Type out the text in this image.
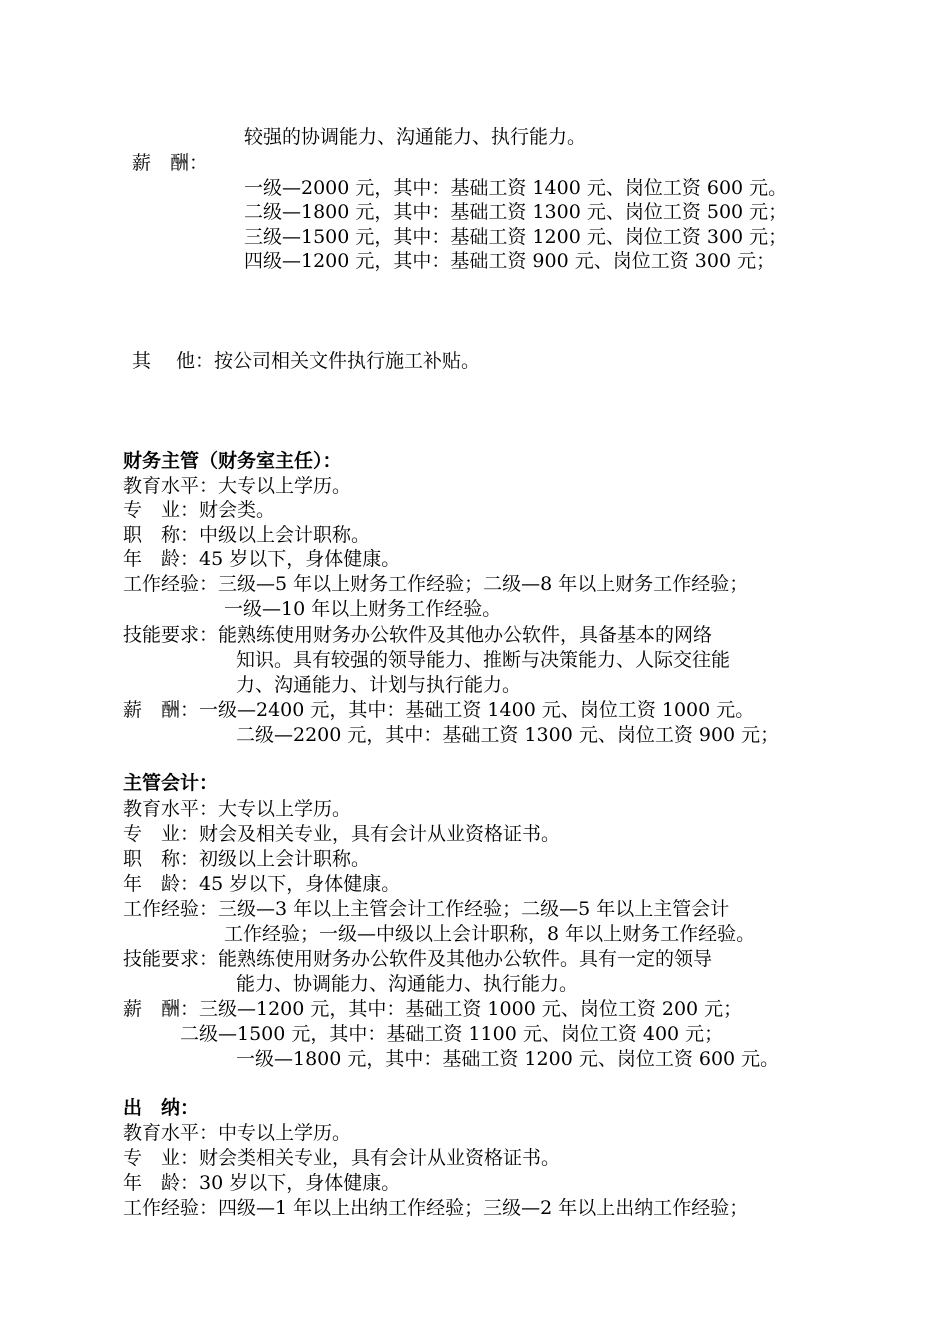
较强的协调能力、沟通能力、执行能力。
薪　酬：
一级—2000 元，其中：基础工资 1400 元、岗位工资 600 元。
二级—1800 元，其中：基础工资 1300 元、岗位工资 500 元；
三级—1500 元，其中：基础工资 1200 元、岗位工资 300 元；
四级—1200 元，其中：基础工资 900 元、岗位工资 300 元；
其　 他：按公司相关文件执行施工补贴。
财务主管（财务室主任）：
教育水平：大专以上学历。
专　业：财会类。
职　称：中级以上会计职称。
年　龄：45 岁以下，身体健康。
工作经验：三级—5 年以上财务工作经验；二级—8 年以上财务工作经验；
一级—10 年以上财务工作经验。
技能要求：能熟练使用财务办公软件及其他办公软件，具备基本的网络
知识。具有较强的领导能力、推断与决策能力、人际交往能
力、沟通能力、计划与执行能力。
薪　酬：一级—2400 元，其中：基础工资 1400 元、岗位工资 1000 元。
二级—2200 元，其中：基础工资 1300 元、岗位工资 900 元；
主管会计：
教育水平：大专以上学历。
专　业：财会及相关专业，具有会计从业资格证书。
职　称：初级以上会计职称。
年　龄：45 岁以下，身体健康。
工作经验：三级—3 年以上主管会计工作经验；二级—5 年以上主管会计
工作经验；一级—中级以上会计职称，8 年以上财务工作经验。
技能要求：能熟练使用财务办公软件及其他办公软件。具有一定的领导
能力、协调能力、沟通能力、执行能力。
薪　酬：三级—1200 元，其中：基础工资 1000 元、岗位工资 200 元；
二级—1500 元，其中：基础工资 1100 元、岗位工资 400 元；
一级—1800 元，其中：基础工资 1200 元、岗位工资 600 元。
出　纳：
教育水平：中专以上学历。
专　业：财会类相关专业，具有会计从业资格证书。
年　龄：30 岁以下，身体健康。
工作经验：四级—1 年以上出纳工作经验；三级—2 年以上出纳工作经验；
